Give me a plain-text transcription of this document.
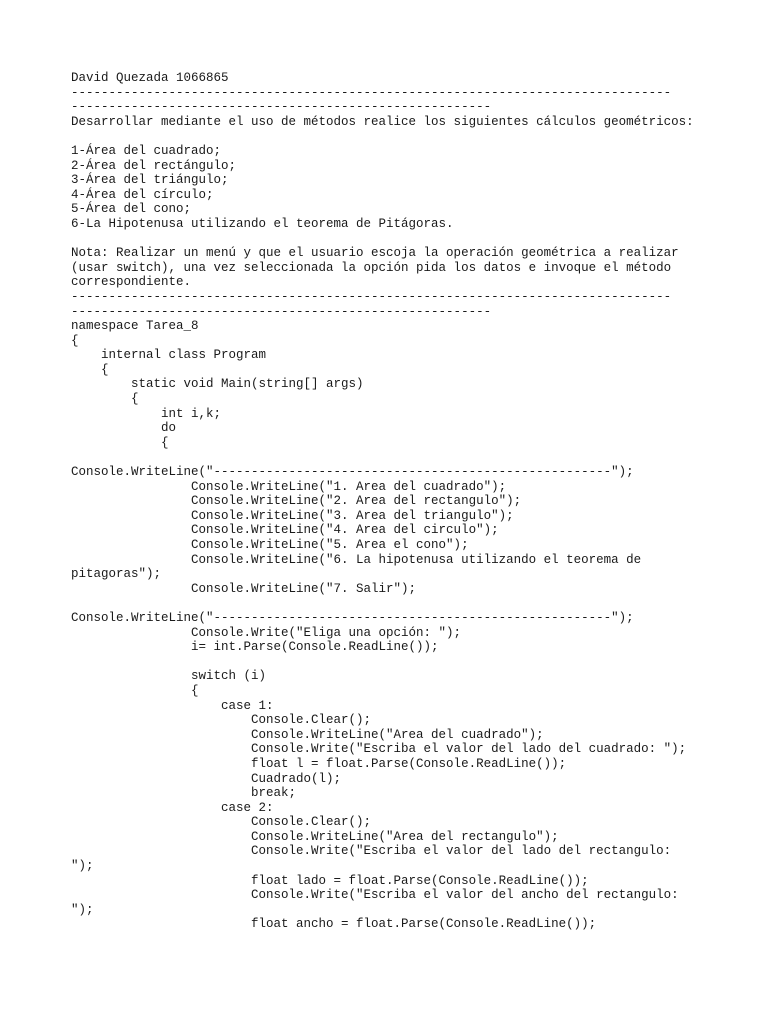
David Quezada 1066865
--------------------------------------------------------------------------------
--------------------------------------------------------
Desarrollar mediante el uso de métodos realice los siguientes cálculos geométricos:
1-Área del cuadrado;
2-Área del rectángulo;
3-Área del triángulo;
4-Área del círculo;
5-Área del cono;
6-La Hipotenusa utilizando el teorema de Pitágoras.
Nota: Realizar un menú y que el usuario escoja la operación geométrica a realizar
(usar switch), una vez seleccionada la opción pida los datos e invoque el método
correspondiente.
--------------------------------------------------------------------------------
--------------------------------------------------------
namespace Tarea_8
{
internal class Program
{
static void Main(string[] args)
{
int i,k;
do
{
Console.WriteLine("-----------------------------------------------------");
Console.WriteLine("1. Area del cuadrado");
Console.WriteLine("2. Area del rectangulo");
Console.WriteLine("3. Area del triangulo");
Console.WriteLine("4. Area del circulo");
Console.WriteLine("5. Area el cono");
Console.WriteLine("6. La hipotenusa utilizando el teorema de
pitagoras");
Console.WriteLine("7. Salir");
Console.WriteLine("-----------------------------------------------------");
Console.Write("Eliga una opción: ");
i= int.Parse(Console.ReadLine());
switch (i)
{
case 1:
Console.Clear();
Console.WriteLine("Area del cuadrado");
Console.Write("Escriba el valor del lado del cuadrado: ");
float l = float.Parse(Console.ReadLine());
Cuadrado(l);
break;
case 2:
Console.Clear();
Console.WriteLine("Area del rectangulo");
Console.Write("Escriba el valor del lado del rectangulo:
");
float lado = float.Parse(Console.ReadLine());
Console.Write("Escriba el valor del ancho del rectangulo:
");
float ancho = float.Parse(Console.ReadLine());
